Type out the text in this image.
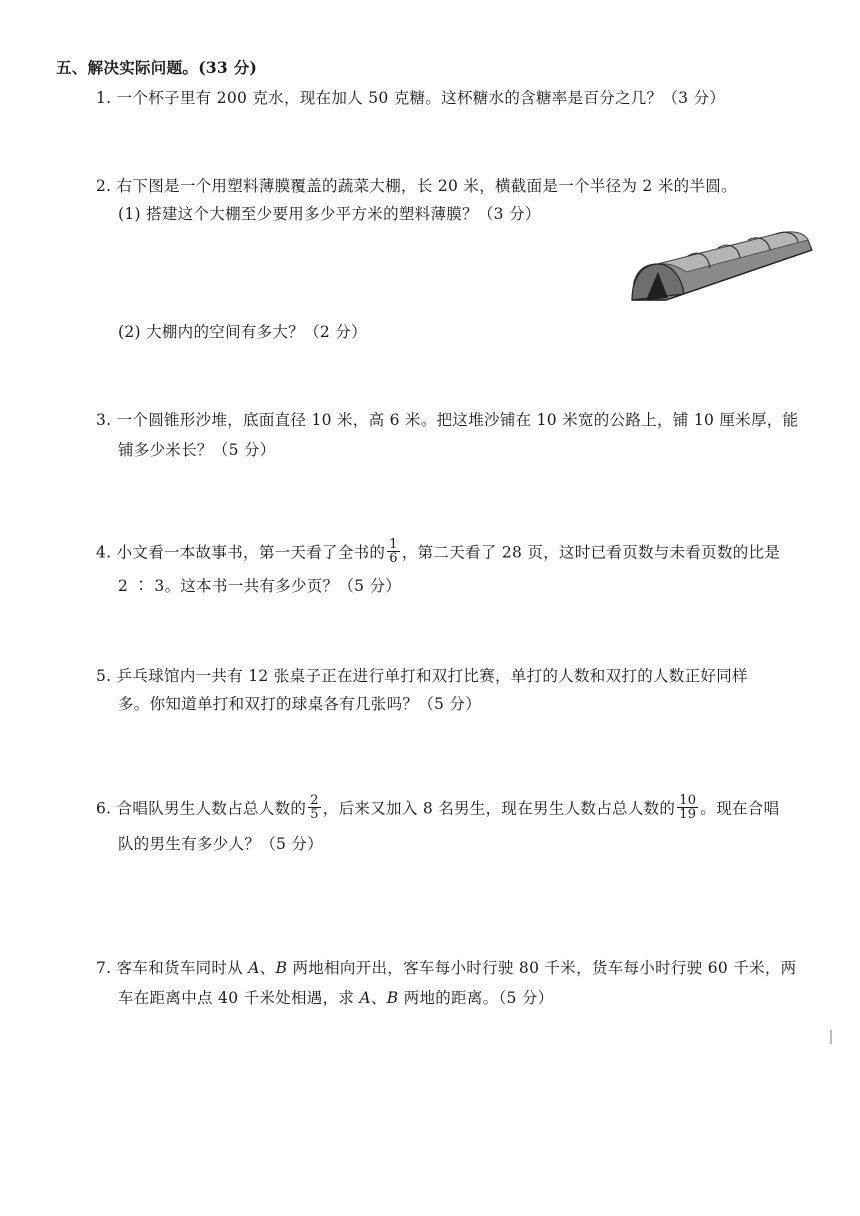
五、解决实际问题。(33 分)
1. 一个杯子里有 200 克水，现在加人 50 克糖。这杯糖水的含糖率是百分之几？（3 分）
2. 右下图是一个用塑料薄膜覆盖的蔬菜大棚，长 20 米，横截面是一个半径为 2 米的半圆。
(1) 搭建这个大棚至少要用多少平方米的塑料薄膜？（3 分）
(2) 大棚内的空间有多大？（2 分）
3. 一个圆锥形沙堆，底面直径 10 米，高 6 米。把这堆沙铺在 10 米宽的公路上，铺 10 厘米厚，能
铺多少米长？（5 分）
4. 小文看一本故事书，第一天看了全书的 $\frac{1}{6}$ ，第二天看了 28 页，这时已看页数与未看页数的比是
2 ∶ 3。这本书一共有多少页？（5 分）
5. 乒乓球馆内一共有 12 张桌子正在进行单打和双打比赛，单打的人数和双打的人数正好同样
多。你知道单打和双打的球桌各有几张吗？（5 分）
6. 合唱队男生人数占总人数的 $\frac{2}{5}$ ，后来又加入 8 名男生，现在男生人数占总人数的 $\frac{10}{19}$ 。现在合唱
队的男生有多少人？（5 分）
7. 客车和货车同时从 A、B 两地相向开出，客车每小时行驶 80 千米，货车每小时行驶 60 千米，两
车在距离中点 40 千米处相遇，求 A、B 两地的距离。（5 分）
